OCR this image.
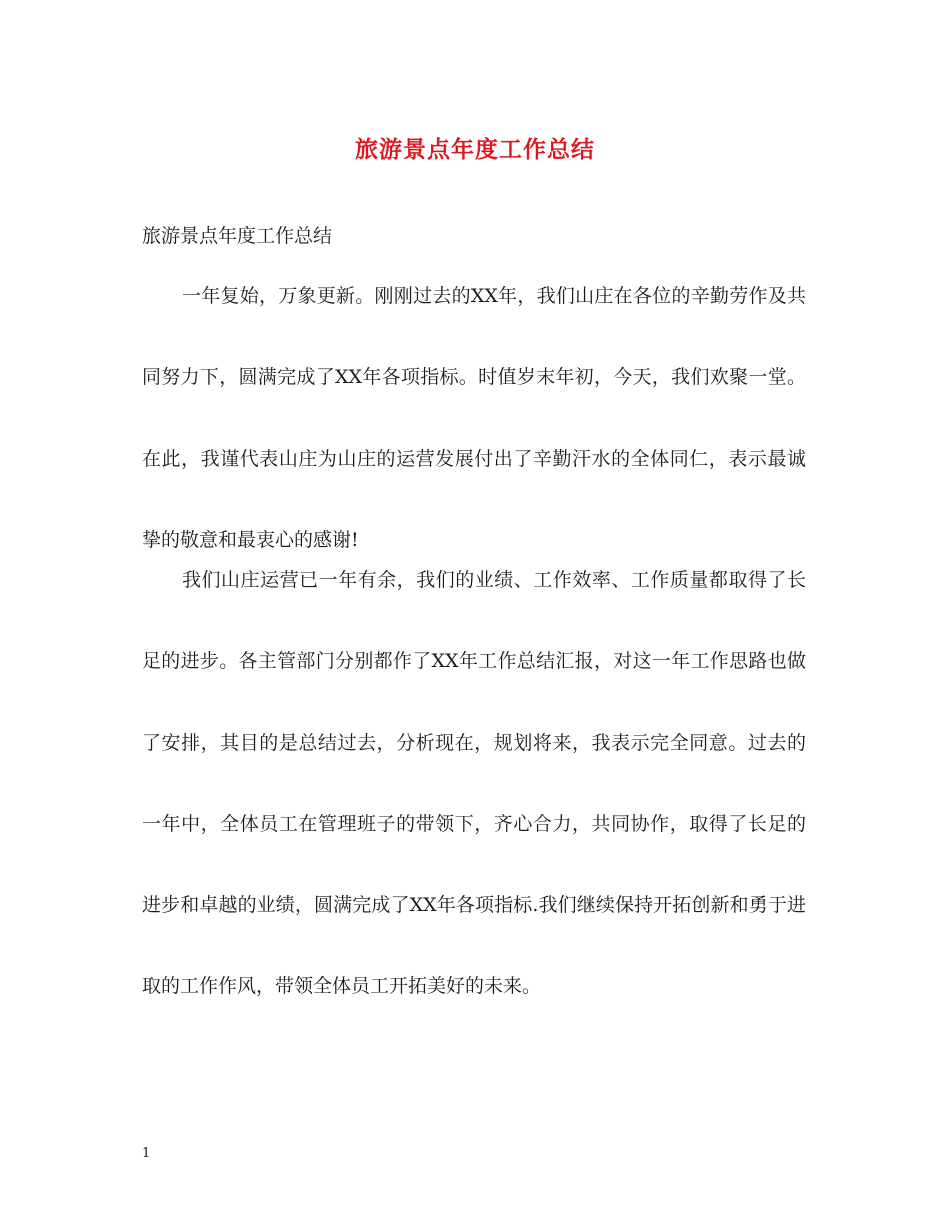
旅游景点年度工作总结
旅游景点年度工作总结

一年复始，万象更新。刚刚过去的XX年，我们山庄在各位的辛勤劳作及共同努力下，圆满完成了XX年各项指标。时值岁末年初，今天，我们欢聚一堂。在此，我谨代表山庄为山庄的运营发展付出了辛勤汗水的全体同仁，表示最诚挚的敬意和最衷心的感谢!

我们山庄运营已一年有余，我们的业绩、工作效率、工作质量都取得了长足的进步。各主管部门分别都作了XX年工作总结汇报，对这一年工作思路也做了安排，其目的是总结过去，分析现在，规划将来，我表示完全同意。过去的一年中，全体员工在管理班子的带领下，齐心合力，共同协作，取得了长足的进步和卓越的业绩，圆满完成了XX年各项指标.我们继续保持开拓创新和勇于进取的工作作风，带领全体员工开拓美好的未来。

1
